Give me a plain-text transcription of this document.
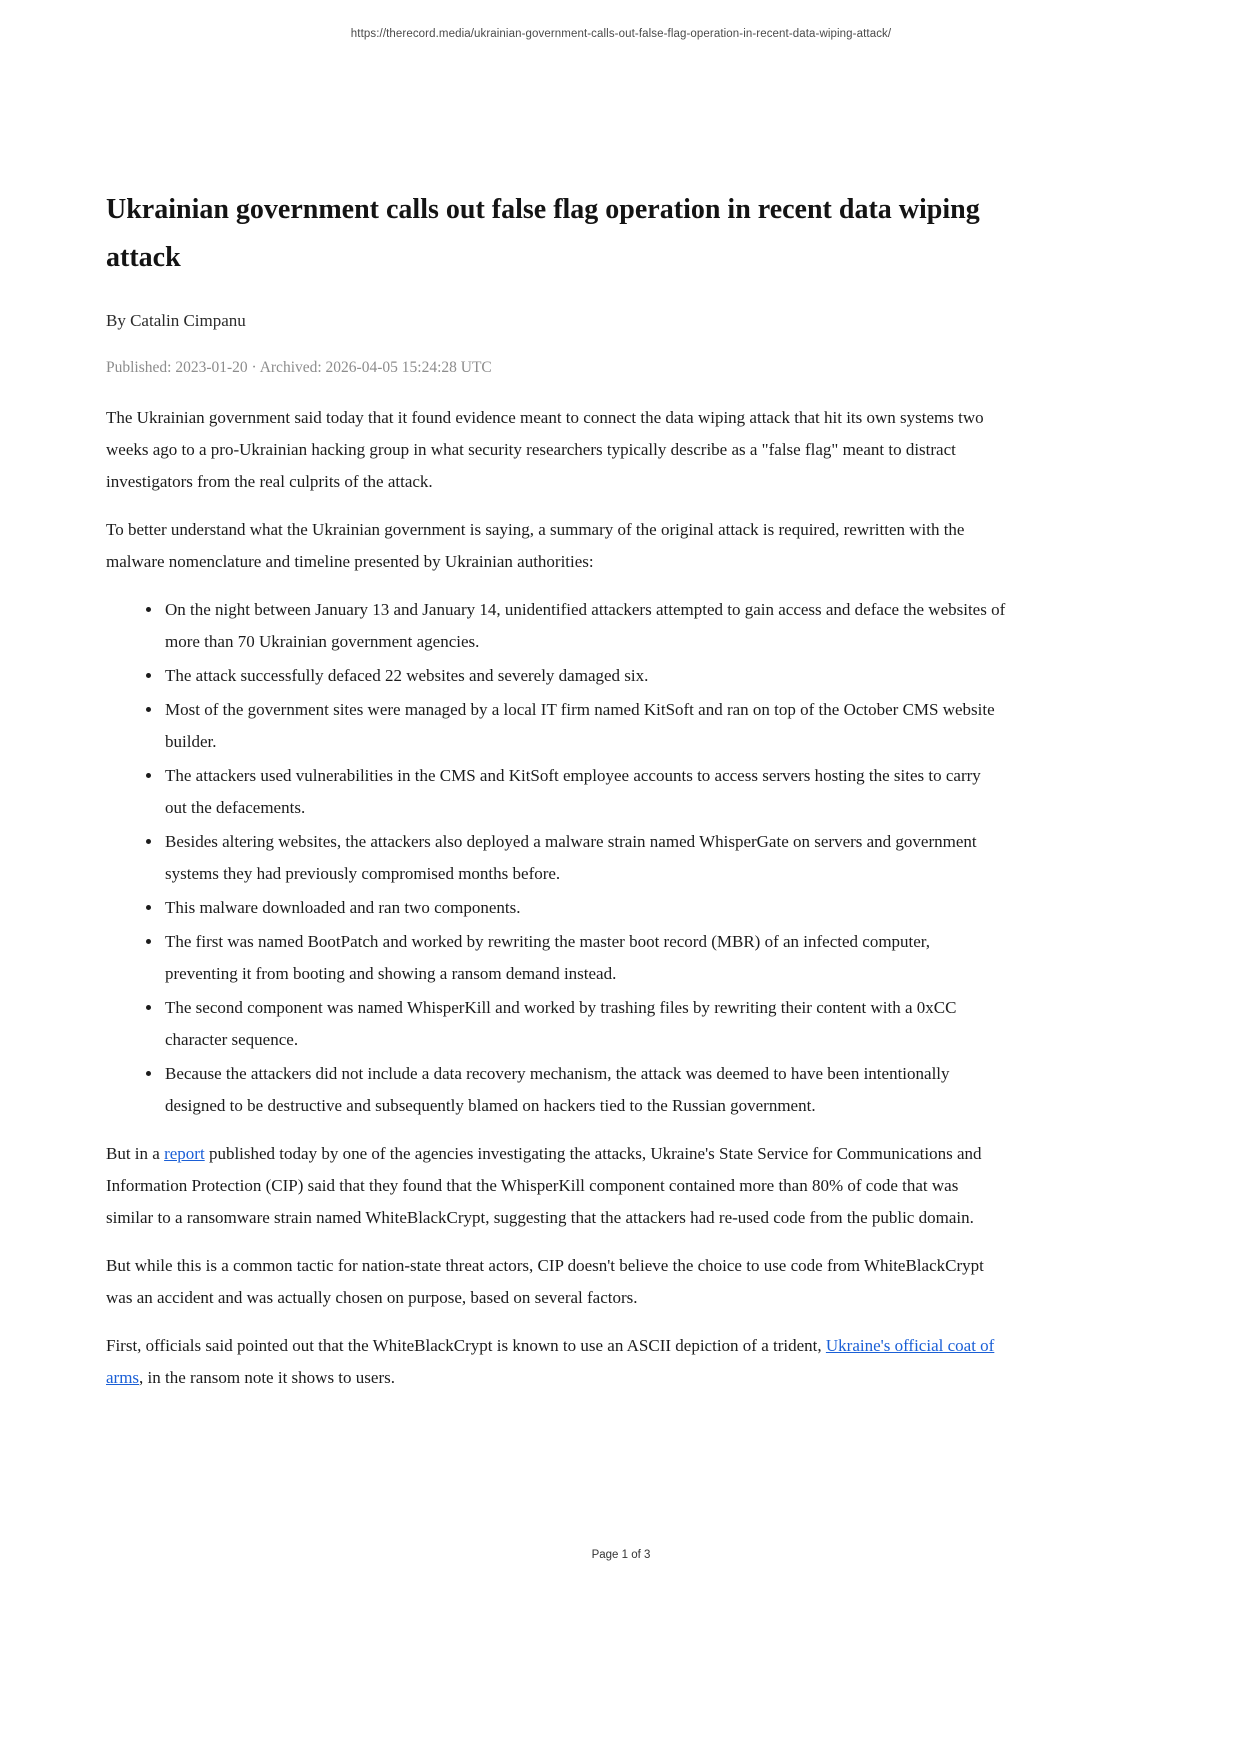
https://therecord.media/ukrainian-government-calls-out-false-flag-operation-in-recent-data-wiping-attack/
Ukrainian government calls out false flag operation in recent data wiping attack

By Catalin Cimpanu

Published: 2023-01-20 · Archived: 2026-04-05 15:24:28 UTC

The Ukrainian government said today that it found evidence meant to connect the data wiping attack that hit its own systems two weeks ago to a pro-Ukrainian hacking group in what security researchers typically describe as a "false flag" meant to distract investigators from the real culprits of the attack.

To better understand what the Ukrainian government is saying, a summary of the original attack is required, rewritten with the malware nomenclature and timeline presented by Ukrainian authorities:

• On the night between January 13 and January 14, unidentified attackers attempted to gain access and deface the websites of more than 70 Ukrainian government agencies.
• The attack successfully defaced 22 websites and severely damaged six.
• Most of the government sites were managed by a local IT firm named KitSoft and ran on top of the October CMS website builder.
• The attackers used vulnerabilities in the CMS and KitSoft employee accounts to access servers hosting the sites to carry out the defacements.
• Besides altering websites, the attackers also deployed a malware strain named WhisperGate on servers and government systems they had previously compromised months before.
• This malware downloaded and ran two components.
• The first was named BootPatch and worked by rewriting the master boot record (MBR) of an infected computer, preventing it from booting and showing a ransom demand instead.
• The second component was named WhisperKill and worked by trashing files by rewriting their content with a 0xCC character sequence.
• Because the attackers did not include a data recovery mechanism, the attack was deemed to have been intentionally designed to be destructive and subsequently blamed on hackers tied to the Russian government.

But in a report published today by one of the agencies investigating the attacks, Ukraine's State Service for Communications and Information Protection (CIP) said that they found that the WhisperKill component contained more than 80% of code that was similar to a ransomware strain named WhiteBlackCrypt, suggesting that the attackers had re-used code from the public domain.

But while this is a common tactic for nation-state threat actors, CIP doesn't believe the choice to use code from WhiteBlackCrypt was an accident and was actually chosen on purpose, based on several factors.

First, officials said pointed out that the WhiteBlackCrypt is known to use an ASCII depiction of a trident, Ukraine's official coat of arms, in the ransom note it shows to users.

Page 1 of 3
